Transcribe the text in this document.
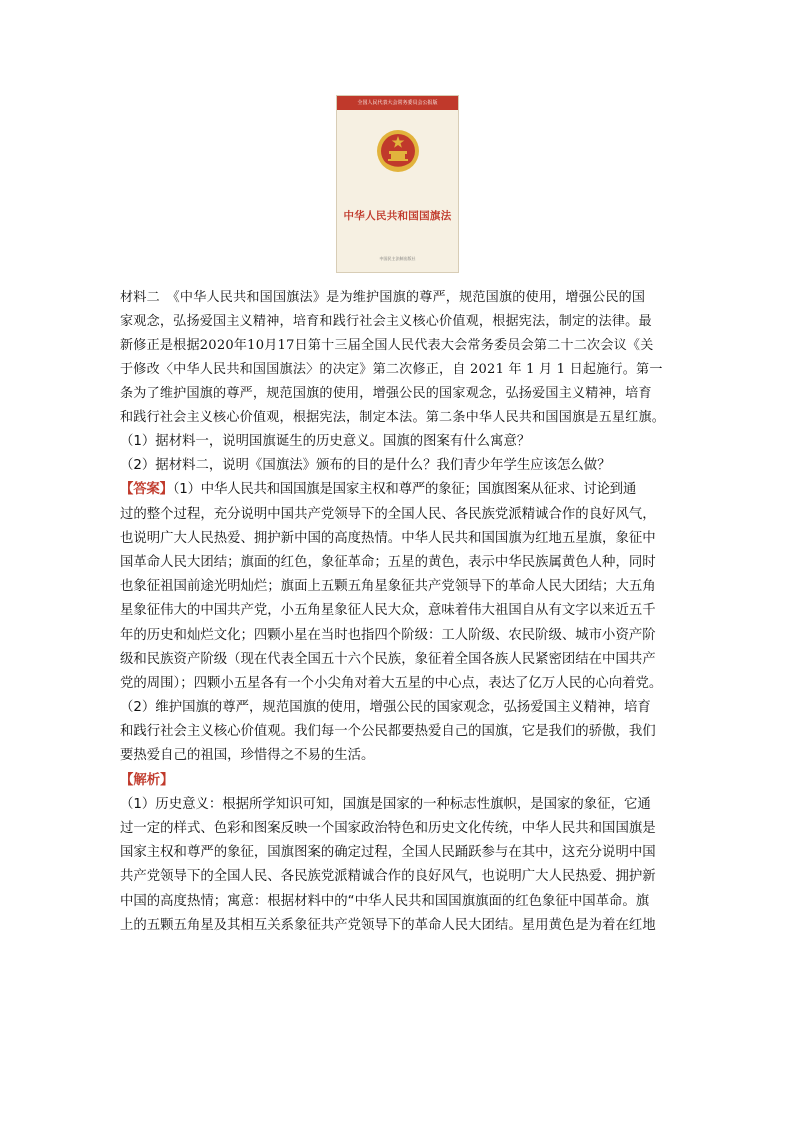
全国人民代表大会常务委员会公报版
中华人民共和国国旗法
中国民主法制出版社
材料二　《中华人民共和国国旗法》是为维护国旗的尊严，规范国旗的使用，增强公民的国
家观念，弘扬爱国主义精神，培育和践行社会主义核心价值观，根据宪法，制定的法律。最
新修正是根据2020年10月17日第十三届全国人民代表大会常务委员会第二十二次会议《关
于修改〈中华人民共和国国旗法〉的决定》第二次修正，自 2021 年 1 月 1 日起施行。第一
条为了维护国旗的尊严，规范国旗的使用，增强公民的国家观念，弘扬爱国主义精神，培育
和践行社会主义核心价值观，根据宪法，制定本法。第二条中华人民共和国国旗是五星红旗。
（1）据材料一，说明国旗诞生的历史意义。国旗的图案有什么寓意？
（2）据材料二，说明《国旗法》颁布的目的是什么？我们青少年学生应该怎么做？
【答案】（1）中华人民共和国国旗是国家主权和尊严的象征；国旗图案从征求、讨论到通
过的整个过程，充分说明中国共产党领导下的全国人民、各民族党派精诚合作的良好风气，
也说明广大人民热爱、拥护新中国的高度热情。中华人民共和国国旗为红地五星旗，象征中
国革命人民大团结；旗面的红色，象征革命；五星的黄色，表示中华民族属黄色人种，同时
也象征祖国前途光明灿烂；旗面上五颗五角星象征共产党领导下的革命人民大团结；大五角
星象征伟大的中国共产党，小五角星象征人民大众，意味着伟大祖国自从有文字以来近五千
年的历史和灿烂文化；四颗小星在当时也指四个阶级：工人阶级、农民阶级、城市小资产阶
级和民族资产阶级（现在代表全国五十六个民族，象征着全国各族人民紧密团结在中国共产
党的周围）；四颗小五星各有一个小尖角对着大五星的中心点，表达了亿万人民的心向着党。
（2）维护国旗的尊严，规范国旗的使用，增强公民的国家观念，弘扬爱国主义精神，培育
和践行社会主义核心价值观。我们每一个公民都要热爱自己的国旗，它是我们的骄傲，我们
要热爱自己的祖国，珍惜得之不易的生活。
【解析】
（1）历史意义：根据所学知识可知，国旗是国家的一种标志性旗帜，是国家的象征，它通
过一定的样式、色彩和图案反映一个国家政治特色和历史文化传统，中华人民共和国国旗是
国家主权和尊严的象征，国旗图案的确定过程，全国人民踊跃参与在其中，这充分说明中国
共产党领导下的全国人民、各民族党派精诚合作的良好风气，也说明广大人民热爱、拥护新
中国的高度热情；寓意：根据材料中的“中华人民共和国国旗旗面的红色象征中国革命。旗
上的五颗五角星及其相互关系象征共产党领导下的革命人民大团结。星用黄色是为着在红地
